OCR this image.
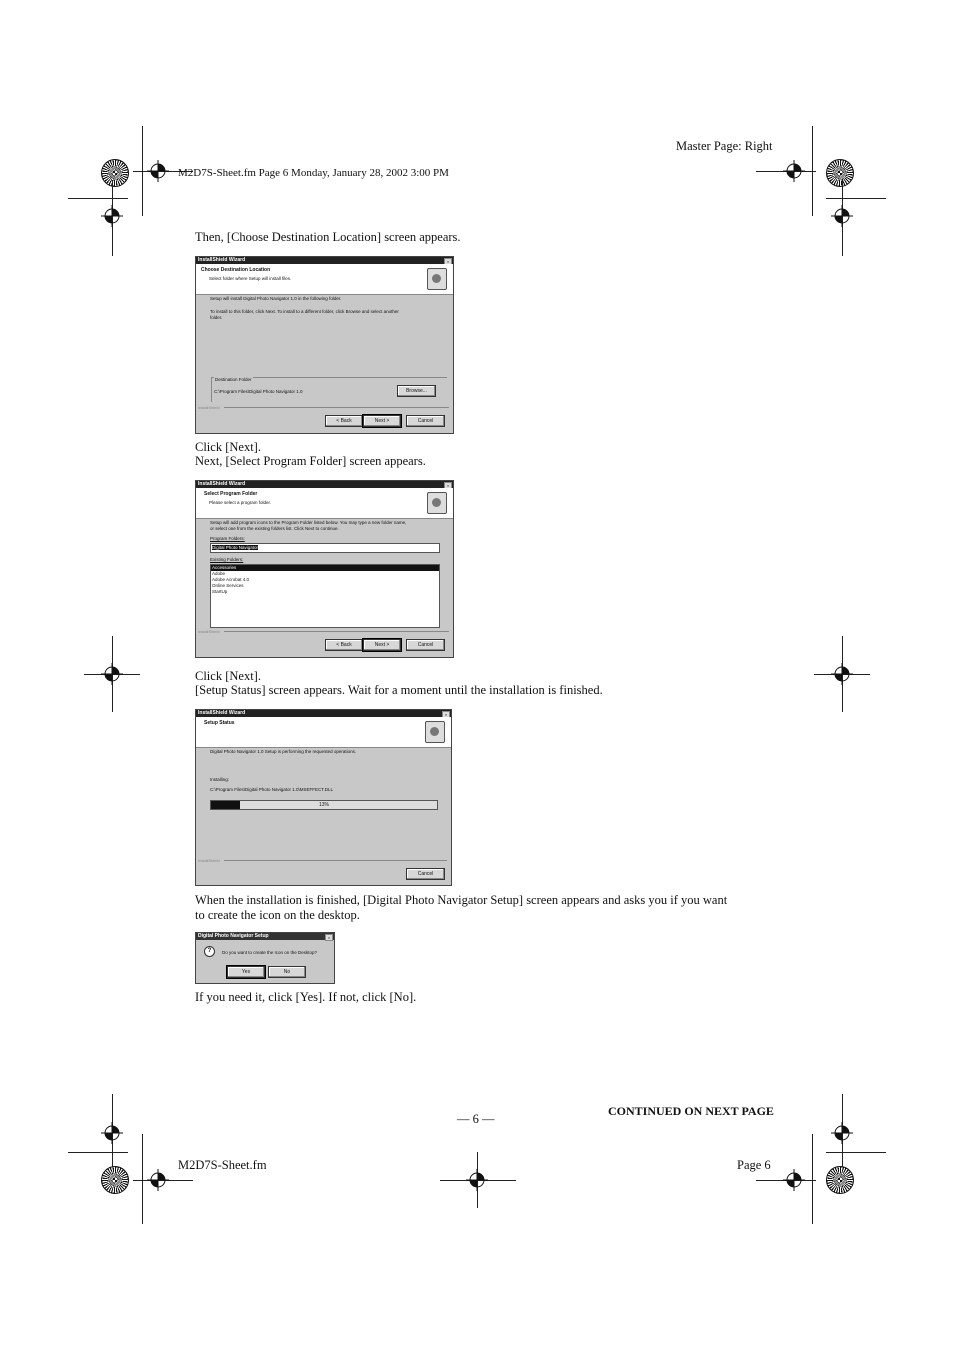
Master Page: Right
M2D7S-Sheet.fm Page 6 Monday, January 28, 2002 3:00 PM
Then, [Choose Destination Location] screen appears.
InstallShield Wizard	×
Choose Destination Location
Select folder where Setup will install files.
Setup will install Digital Photo Navigator 1.0 in the following folder.
To install to this folder, click Next. To install to a different folder, click Browse and select another
folder.
Destination Folder
C:\Program Files\Digital Photo Navigator 1.0	Browse...
InstallShield
< Back	Next >	Cancel
Click [Next].
Next, [Select Program Folder] screen appears.
InstallShield Wizard	×
Select Program Folder
Please select a program folder.
Setup will add program icons to the Program Folder listed below. You may type a new folder name,
or select one from the existing folders list. Click Next to continue.
Program Folders:
Digital Photo Navigator
Existing Folders:
Accessories
Adobe
Adobe Acrobat 4.0
Online Services
StartUp
InstallShield
< Back	Next >	Cancel
Click [Next].
[Setup Status] screen appears. Wait for a moment until the installation is finished.
InstallShield Wizard	×
Setup Status
Digital Photo Navigator 1.0 Setup is performing the requested operations.
Installing:
C:\Program Files\Digital Photo Navigator 1.0\MSEFFECT.DLL
13%
InstallShield
Cancel
When the installation is finished, [Digital Photo Navigator Setup] screen appears and asks you if you want
to create the icon on the desktop.
Digital Photo Navigator Setup	×
?	Do you want to create the Icon on the Desktop?
Yes	No
If you need it, click [Yes]. If not, click [No].
CONTINUED ON NEXT PAGE
— 6 —
M2D7S-Sheet.fm	Page 6
